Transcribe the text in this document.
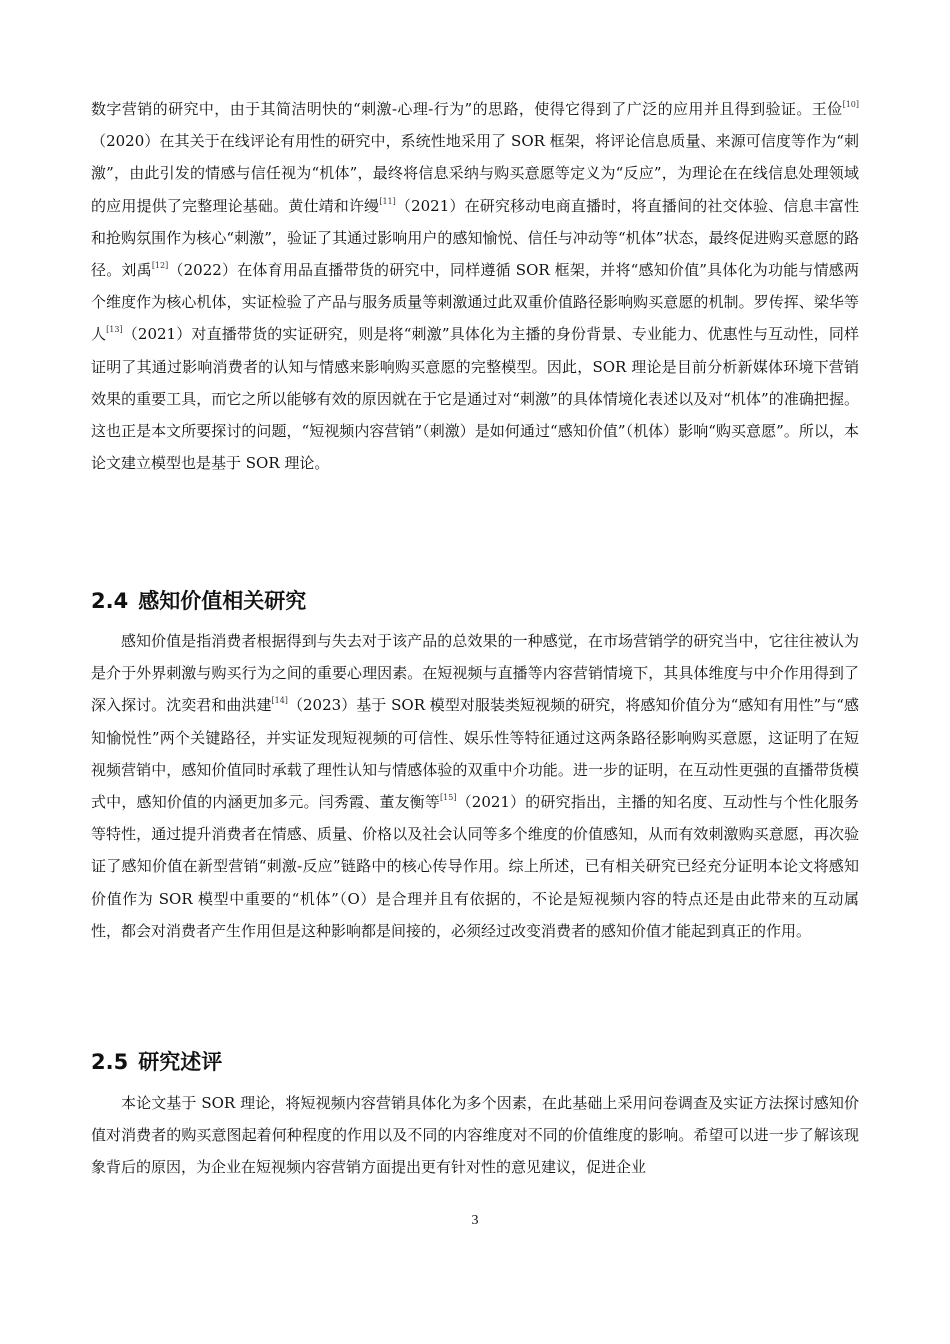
数字营销的研究中，由于其简洁明快的“刺激-心理-行为”的思路，使得它得到了广泛的应用并且得到验证。王俭[10]（2020）在其关于在线评论有用性的研究中，系统性地采用了 SOR 框架，将评论信息质量、来源可信度等作为“刺激”，由此引发的情感与信任视为“机体”，最终将信息采纳与购买意愿等定义为“反应”，为理论在在线信息处理领域的应用提供了完整理论基础。黄仕靖和许缦[11]（2021）在研究移动电商直播时，将直播间的社交体验、信息丰富性和抢购氛围作为核心“刺激”，验证了其通过影响用户的感知愉悦、信任与冲动等“机体”状态，最终促进购买意愿的路径。刘禹[12]（2022）在体育用品直播带货的研究中，同样遵循 SOR 框架，并将“感知价值”具体化为功能与情感两个维度作为核心机体，实证检验了产品与服务质量等刺激通过此双重价值路径影响购买意愿的机制。罗传挥、梁华等人[13]（2021）对直播带货的实证研究，则是将“刺激”具体化为主播的身份背景、专业能力、优惠性与互动性，同样证明了其通过影响消费者的认知与情感来影响购买意愿的完整模型。因此，SOR 理论是目前分析新媒体环境下营销效果的重要工具，而它之所以能够有效的原因就在于它是通过对“刺激”的具体情境化表述以及对“机体”的准确把握。这也正是本文所要探讨的问题，“短视频内容营销”（刺激）是如何通过“感知价值”（机体）影响“购买意愿”。所以，本论文建立模型也是基于 SOR 理论。

2.4 感知价值相关研究

感知价值是指消费者根据得到与失去对于该产品的总效果的一种感觉，在市场营销学的研究当中，它往往被认为是介于外界刺激与购买行为之间的重要心理因素。在短视频与直播等内容营销情境下，其具体维度与中介作用得到了深入探讨。沈奕君和曲洪建[14]（2023）基于 SOR 模型对服装类短视频的研究，将感知价值分为“感知有用性”与“感知愉悦性”两个关键路径，并实证发现短视频的可信性、娱乐性等特征通过这两条路径影响购买意愿，这证明了在短视频营销中，感知价值同时承载了理性认知与情感体验的双重中介功能。进一步的证明，在互动性更强的直播带货模式中，感知价值的内涵更加多元。闫秀霞、董友衡等[15]（2021）的研究指出，主播的知名度、互动性与个性化服务等特性，通过提升消费者在情感、质量、价格以及社会认同等多个维度的价值感知，从而有效刺激购买意愿，再次验证了感知价值在新型营销“刺激-反应”链路中的核心传导作用。综上所述，已有相关研究已经充分证明本论文将感知价值作为 SOR 模型中重要的“机体”（O）是合理并且有依据的，不论是短视频内容的特点还是由此带来的互动属性，都会对消费者产生作用但是这种影响都是间接的，必须经过改变消费者的感知价值才能起到真正的作用。

2.5 研究述评

本论文基于 SOR 理论，将短视频内容营销具体化为多个因素，在此基础上采用问卷调查及实证方法探讨感知价值对消费者的购买意图起着何种程度的作用以及不同的内容维度对不同的价值维度的影响。希望可以进一步了解该现象背后的原因，为企业在短视频内容营销方面提出更有针对性的意见建议，促进企业

3
